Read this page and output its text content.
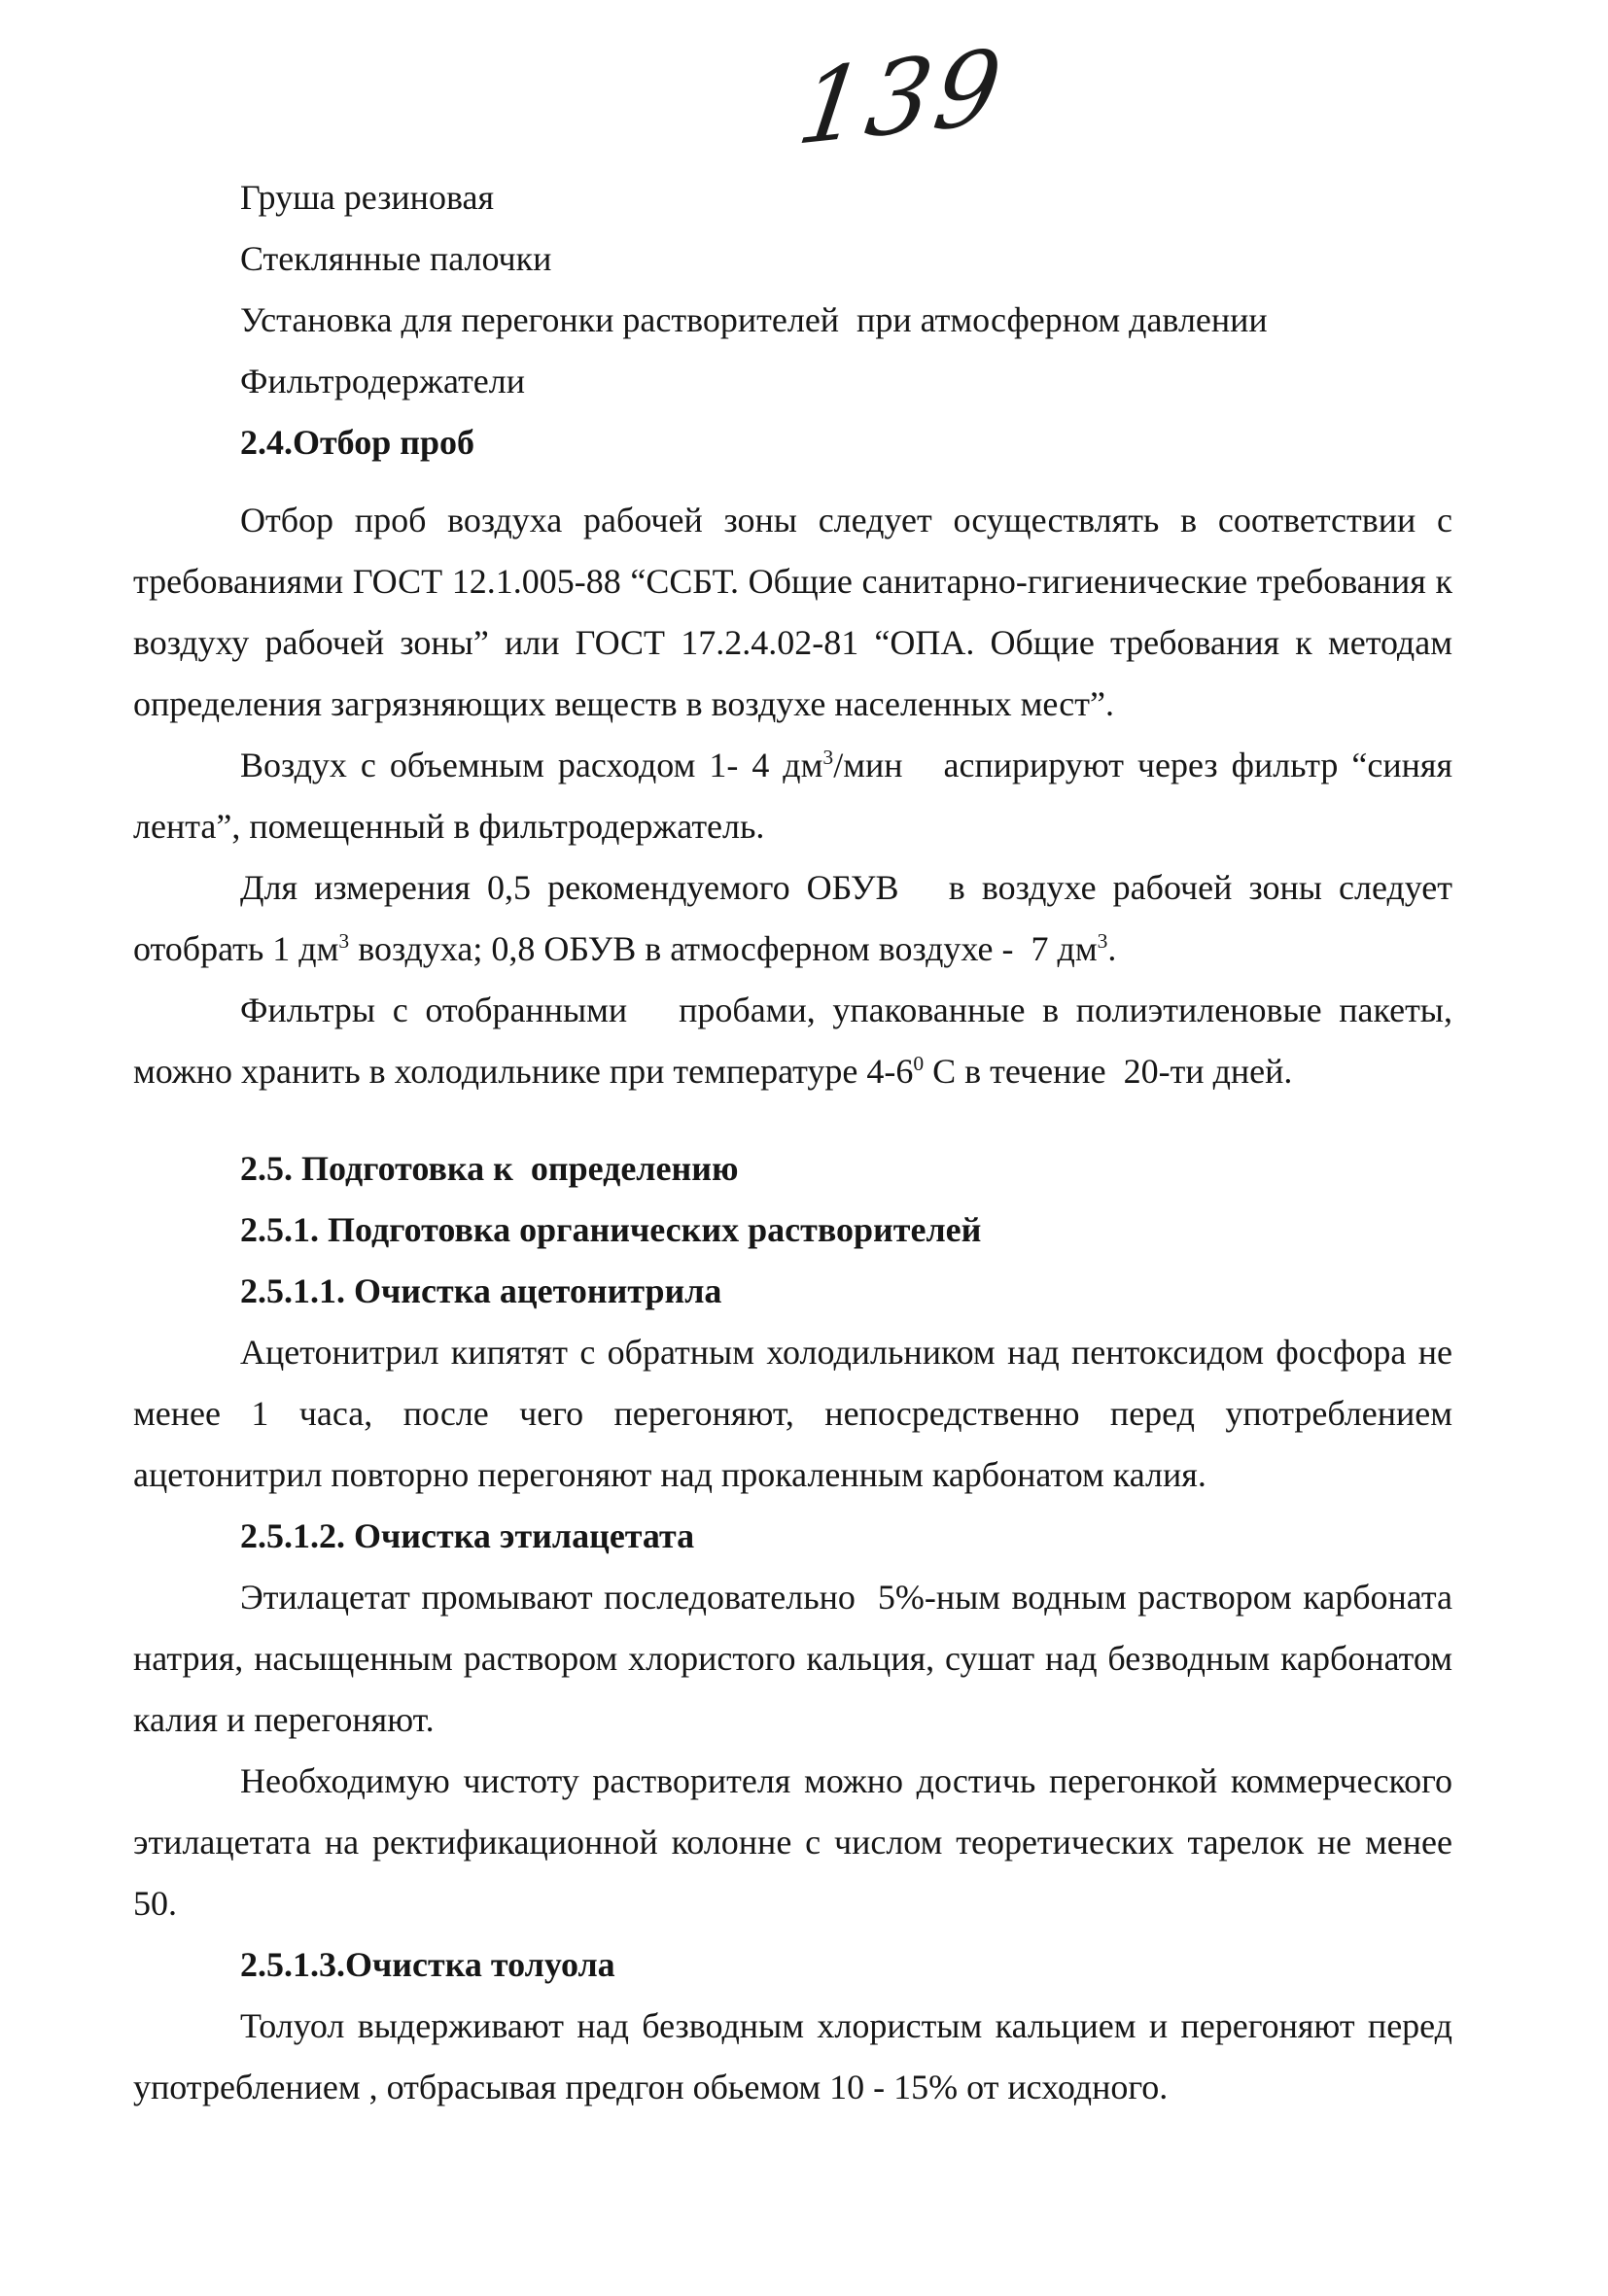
139

Груша резиновая

Стеклянные палочки

Установка для перегонки растворителей  при атмосферном давлении

Фильтродержатели

2.4.Отбор проб

Отбор проб воздуха рабочей зоны следует осуществлять в соответствии с требованиями ГОСТ 12.1.005-88 “ССБТ. Общие санитарно-гигиенические требования к воздуху рабочей зоны” или ГОСТ 17.2.4.02-81 “ОПА. Общие требования к методам определения загрязняющих веществ в воздухе населенных мест”.

Воздух с объемным расходом 1- 4 $дм^3$/мин   аспирируют через фильтр “синяя лента”, помещенный в фильтродержатель.

Для измерения 0,5 рекомендуемого ОБУВ   в воздухе рабочей зоны следует отобрать 1 $дм^3$ воздуха; 0,8 ОБУВ в атмосферном воздухе -  7 $дм^3$.

Фильтры с отобранными   пробами, упакованные в полиэтиленовые пакеты, можно хранить в холодильнике при температуре $4-6^0$ С в течение  20-ти дней.

2.5. Подготовка к  определению
2.5.1. Подготовка органических растворителей
2.5.1.1. Очистка ацетонитрила

Ацетонитрил кипятят с обратным холодильником над пентоксидом фосфора не менее 1 часа, после чего перегоняют, непосредственно перед употреблением ацетонитрил повторно перегоняют над прокаленным карбонатом калия.

2.5.1.2. Очистка этилацетата

Этилацетат промывают последовательно  5%-ным водным раствором карбоната натрия, насыщенным раствором хлористого кальция, сушат над безводным карбонатом калия и перегоняют.

Необходимую чистоту растворителя можно достичь перегонкой коммерческого этилацетата на ректификационной колонне с числом теоретических тарелок не менее 50.

2.5.1.3.Очистка толуола

Толуол выдерживают над безводным хлористым кальцием и перегоняют перед употреблением , отбрасывая предгон обьемом 10 - 15% от исходного.
